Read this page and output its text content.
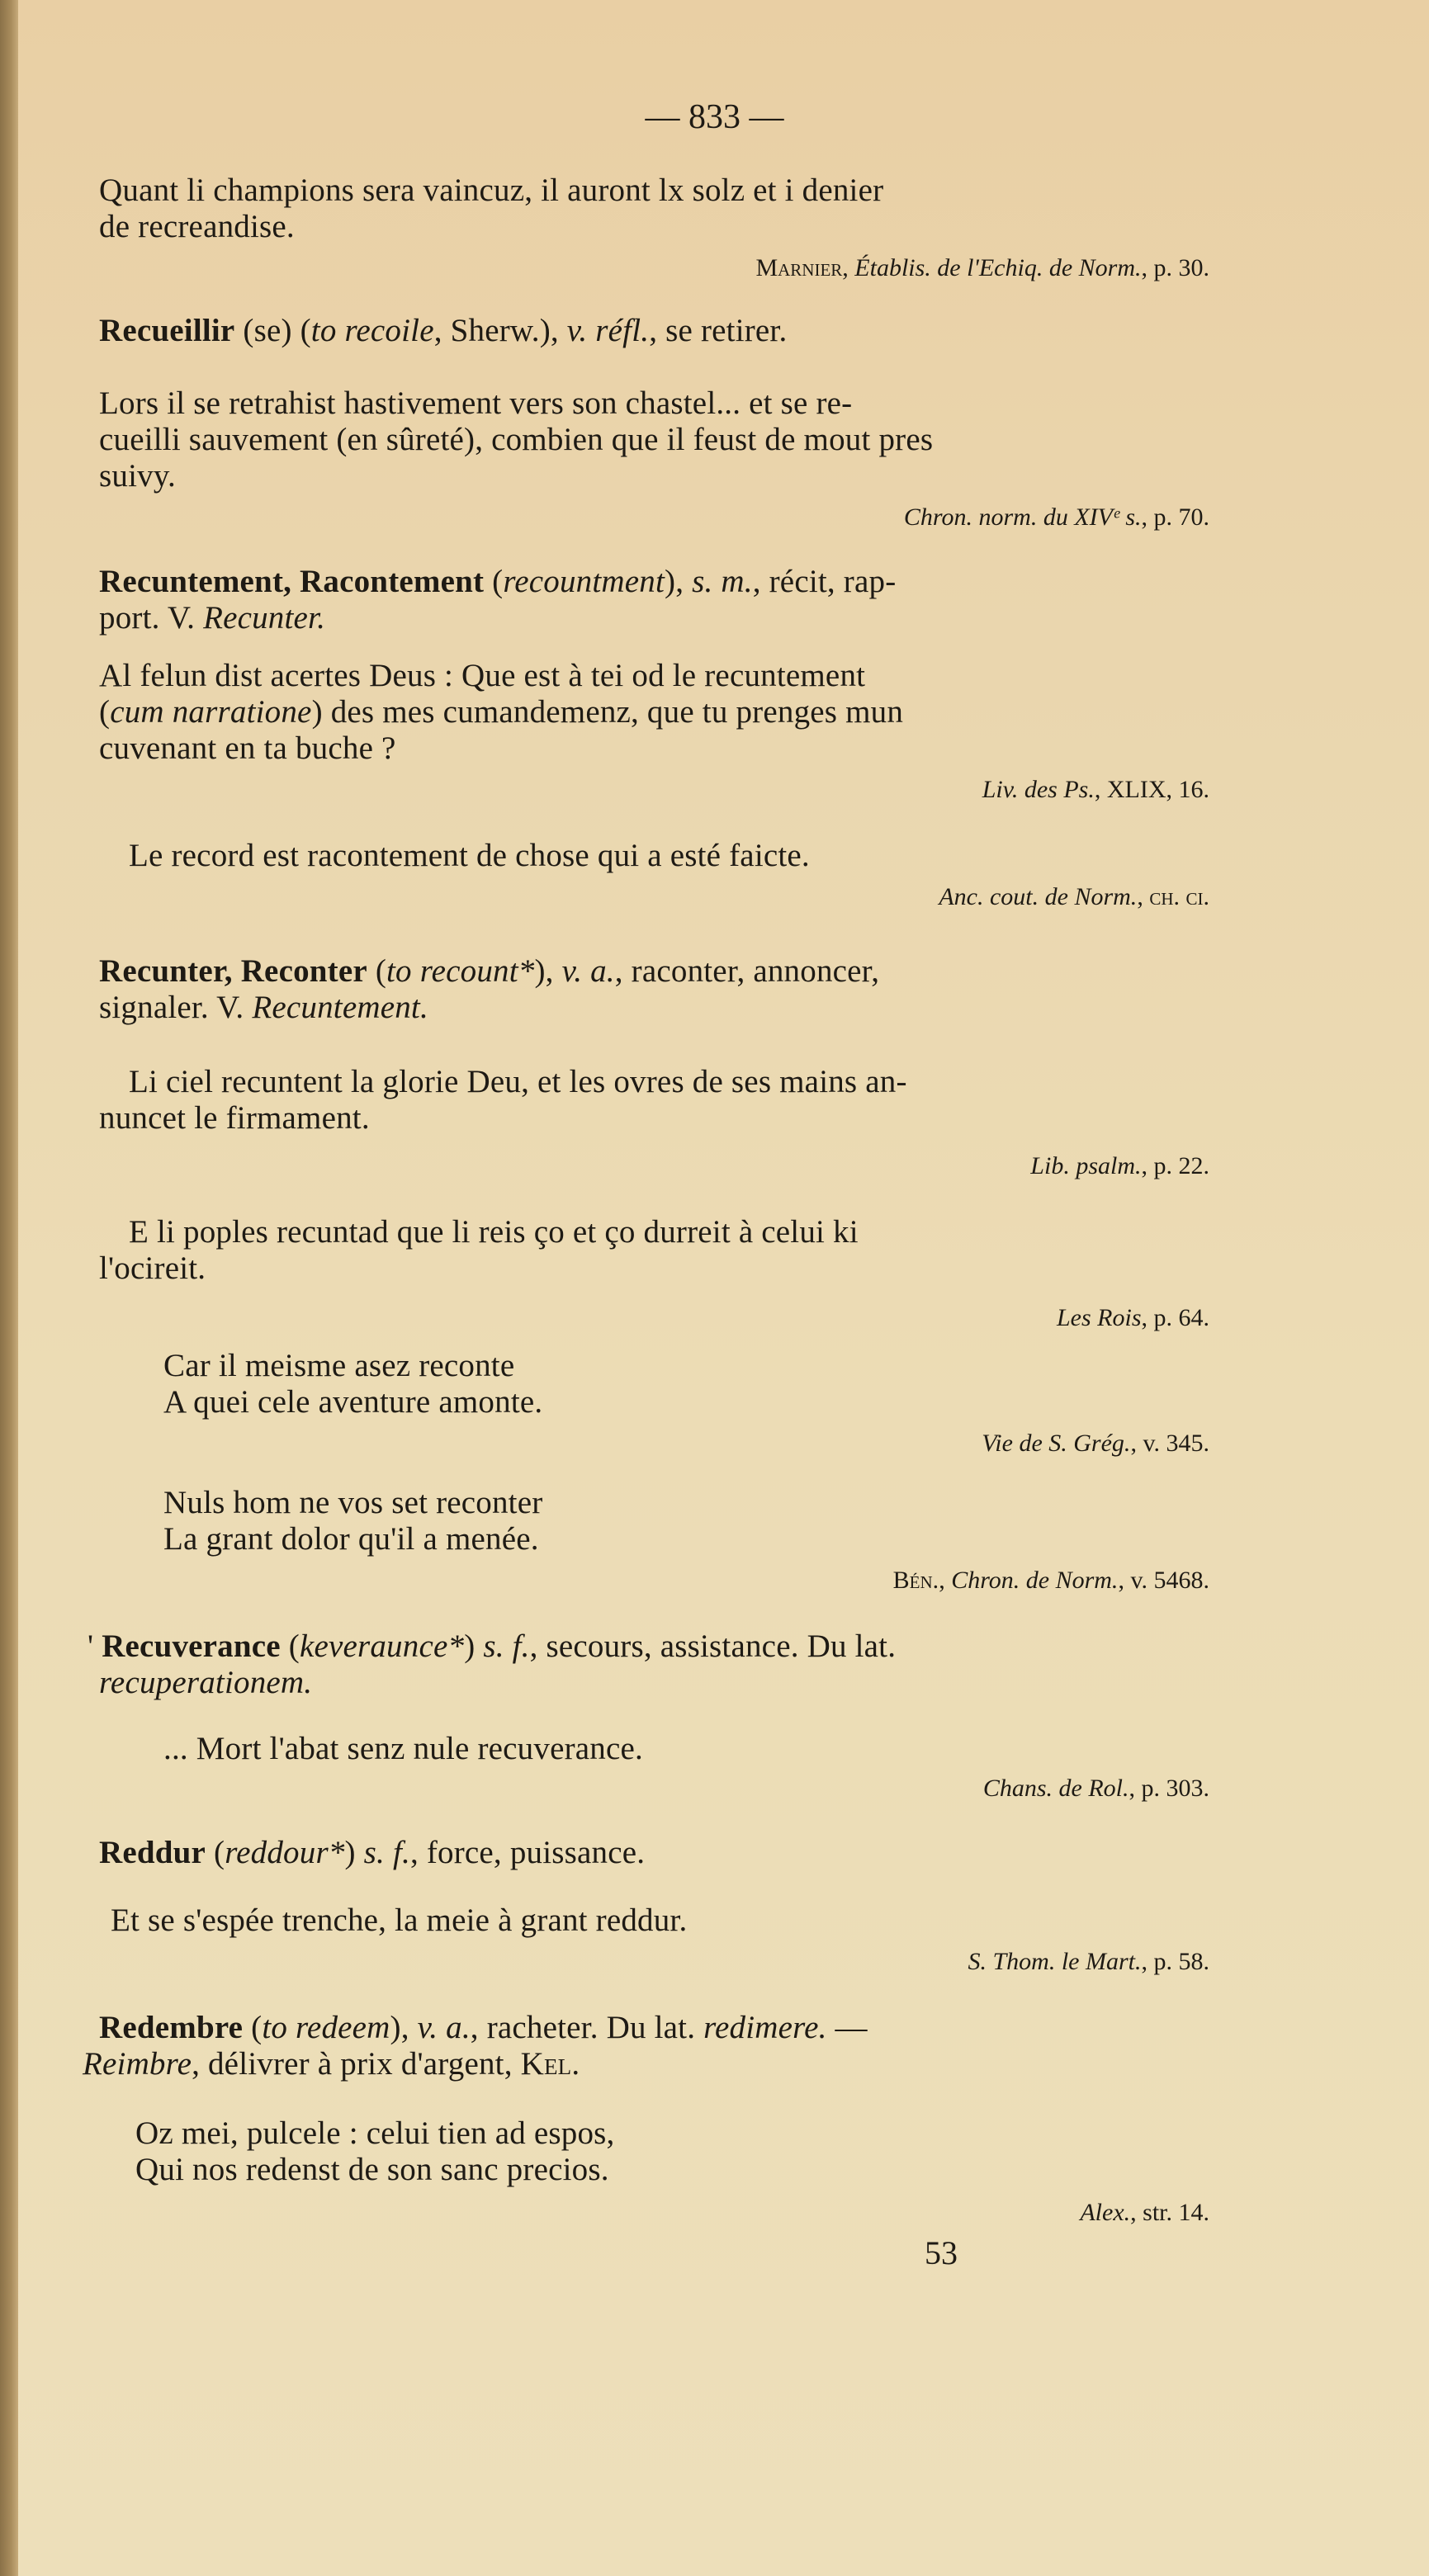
— 833 —
Quant li champions sera vaincuz, il auront lx solz et i denier
de recreandise.
Marnier, Établis. de l'Echiq. de Norm., p. 30.
Recueillir (se) (to recoile, Sherw.), v. réfl., se retirer.
Lors il se retrahist hastivement vers son chastel... et se re-
cueilli sauvement (en sûreté), combien que il feust de mout pres
suivy.
Chron. norm. du XIVᵉ s., p. 70.
Recuntement, Racontement (recountment), s. m., récit, rap-
port. V. Recunter.
Al felun dist acertes Deus : Que est à tei od le recuntement
(cum narratione) des mes cumandemenz, que tu prenges mun
cuvenant en ta buche ?
Liv. des Ps., XLIX, 16.
Le record est racontement de chose qui a esté faicte.
Anc. cout. de Norm., ch. ci.
Recunter, Reconter (to recount*), v. a., raconter, annoncer,
signaler. V. Recuntement.
Li ciel recuntent la glorie Deu, et les ovres de ses mains an-
nuncet le firmament.
Lib. psalm., p. 22.
E li poples recuntad que li reis ço et ço durreit à celui ki
l'ocireit.
Les Rois, p. 64.
Car il meisme asez reconte
A quei cele aventure amonte.
Vie de S. Grég., v. 345.
Nuls hom ne vos set reconter
La grant dolor qu'il a menée.
Bén., Chron. de Norm., v. 5468.
' Recuverance (keveraunce*) s. f., secours, assistance. Du lat.
recuperationem.
... Mort l'abat senz nule recuverance.
Chans. de Rol., p. 303.
Reddur (reddour*) s. f., force, puissance.
Et se s'espée trenche, la meie à grant reddur.
S. Thom. le Mart., p. 58.
Redembre (to redeem), v. a., racheter. Du lat. redimere. —
Reimbre, délivrer à prix d'argent, Kel.
Oz mei, pulcele : celui tien ad espos,
Qui nos redenst de son sanc precios.
Alex., str. 14.
53
